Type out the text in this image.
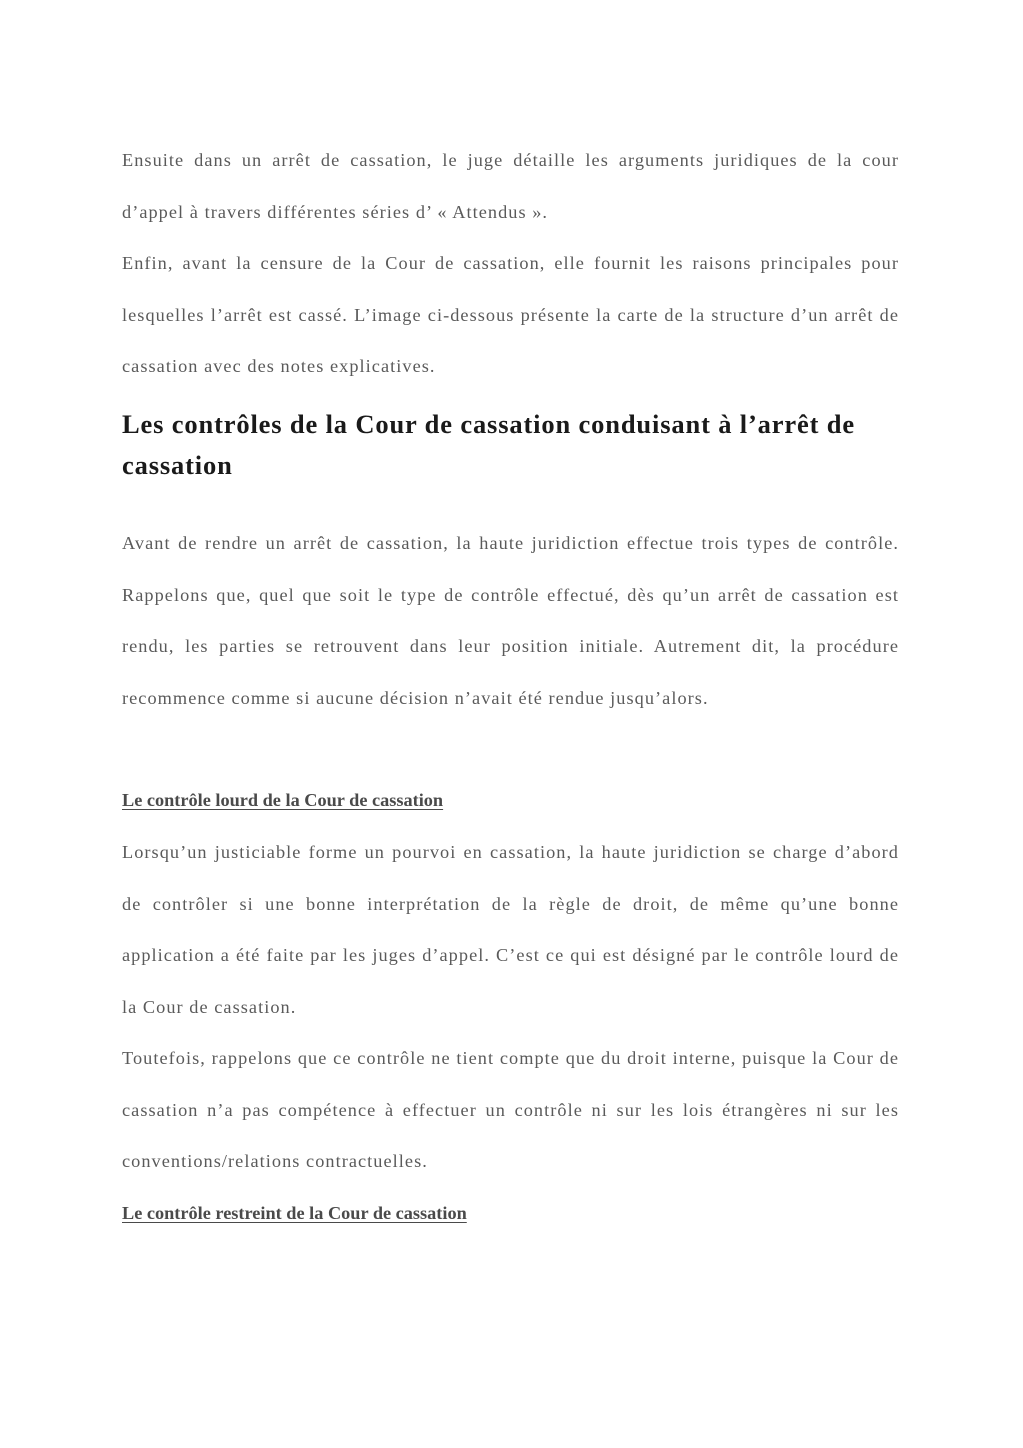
Ensuite dans un arrêt de cassation, le juge détaille les arguments juridiques de la cour d’appel à travers différentes séries d’ « Attendus ».

Enfin, avant la censure de la Cour de cassation, elle fournit les raisons principales pour lesquelles l’arrêt est cassé. L’image ci-dessous présente la carte de la structure d’un arrêt de cassation avec des notes explicatives.

Les contrôles de la Cour de cassation conduisant à l’arrêt de cassation

Avant de rendre un arrêt de cassation, la haute juridiction effectue trois types de contrôle. Rappelons que, quel que soit le type de contrôle effectué, dès qu’un arrêt de cassation est rendu, les parties se retrouvent dans leur position initiale. Autrement dit, la procédure recommence comme si aucune décision n’avait été rendue jusqu’alors.

Le contrôle lourd de la Cour de cassation

Lorsqu’un justiciable forme un pourvoi en cassation, la haute juridiction se charge d’abord de contrôler si une bonne interprétation de la règle de droit, de même qu’une bonne application a été faite par les juges d’appel. C’est ce qui est désigné par le contrôle lourd de la Cour de cassation.

Toutefois, rappelons que ce contrôle ne tient compte que du droit interne, puisque la Cour de cassation n’a pas compétence à effectuer un contrôle ni sur les lois étrangères ni sur les conventions/relations contractuelles.

Le contrôle restreint de la Cour de cassation
